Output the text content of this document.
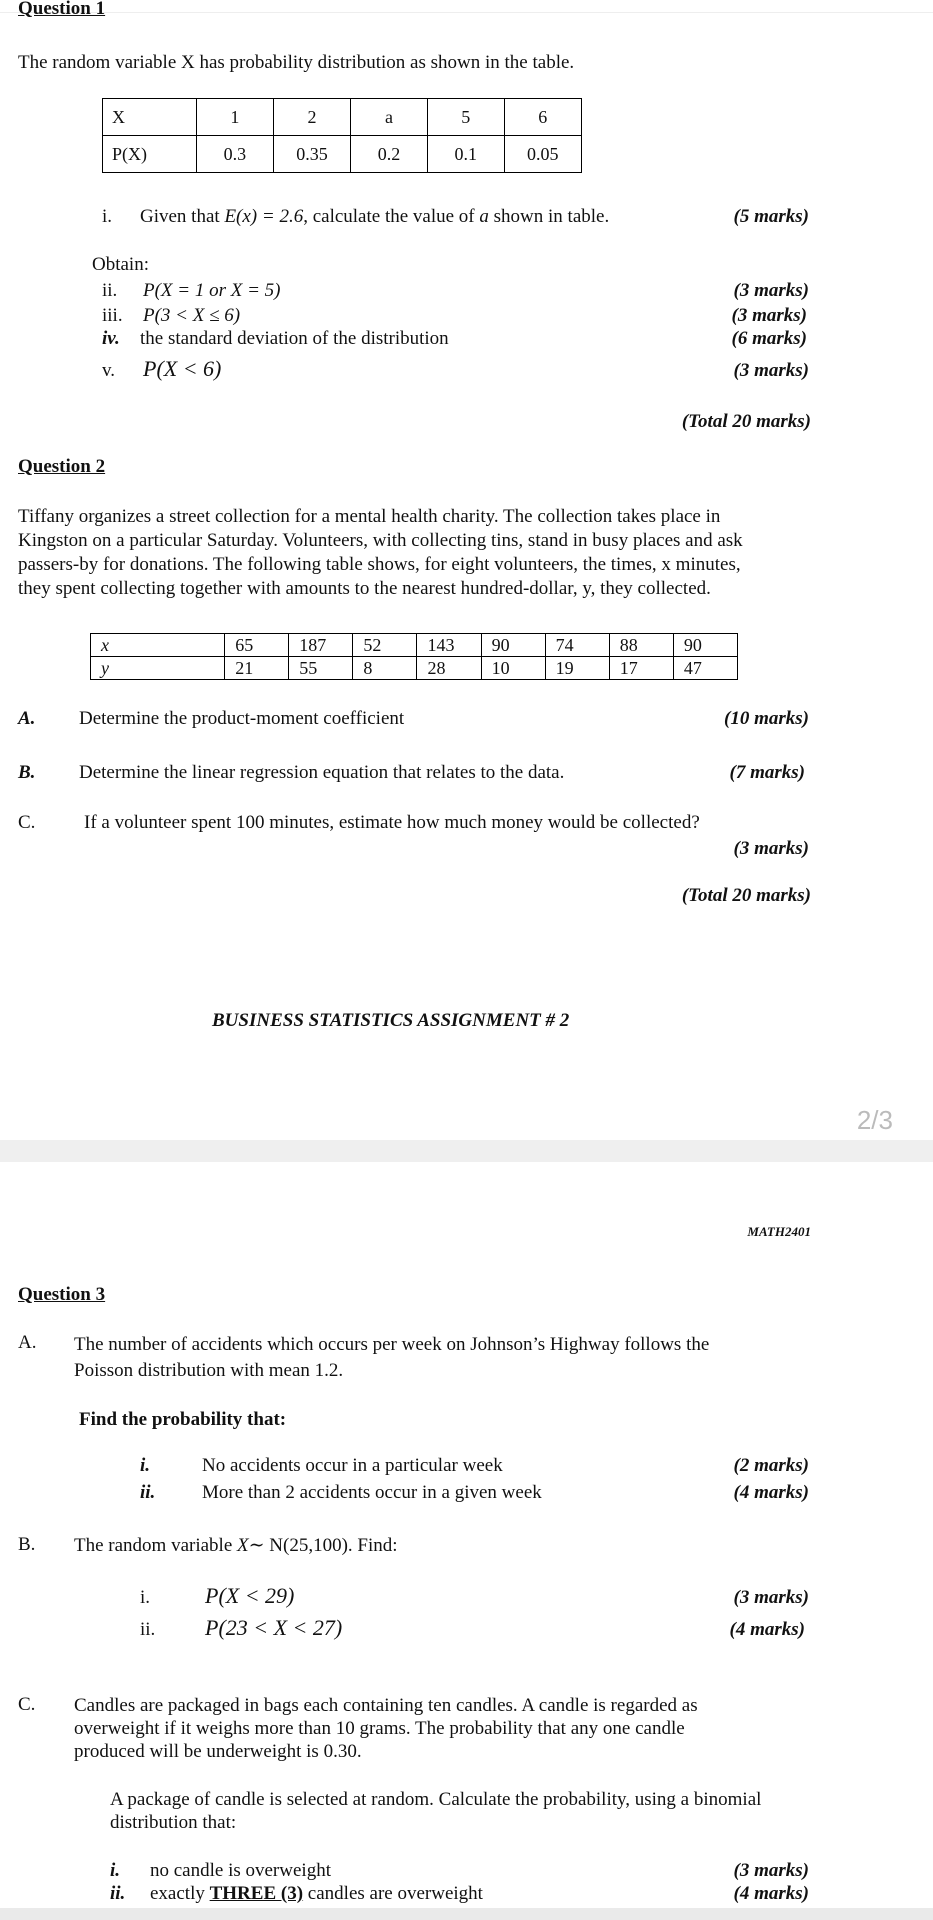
Question 1
The random variable X has probability distribution as shown in the table.
X	1	2	a	5	6
P(X)	0.3	0.35	0.2	0.1	0.05
i. Given that E(x) = 2.6, calculate the value of a shown in table.	(5 marks)
Obtain:
ii. P(X = 1 or X = 5)	(3 marks)
iii. P(3 < X ≤ 6)	(3 marks)
iv. the standard deviation of the distribution	(6 marks)
v. P(X < 6)	(3 marks)
(Total 20 marks)
Question 2
Tiffany organizes a street collection for a mental health charity. The collection takes place in
Kingston on a particular Saturday. Volunteers, with collecting tins, stand in busy places and ask
passers-by for donations. The following table shows, for eight volunteers, the times, x minutes,
they spent collecting together with amounts to the nearest hundred-dollar, y, they collected.
x	65	187	52	143	90	74	88	90
y	21	55	8	28	10	19	17	47
A. Determine the product-moment coefficient	(10 marks)
B. Determine the linear regression equation that relates to the data.	(7 marks)
C.	If a volunteer spent 100 minutes, estimate how much money would be collected?
(3 marks)
(Total 20 marks)
BUSINESS STATISTICS ASSIGNMENT # 2
2/3
MATH2401
Question 3
A. The number of accidents which occurs per week on Johnson’s Highway follows the
Poisson distribution with mean 1.2.
Find the probability that:
i.	No accidents occur in a particular week	(2 marks)
ii. More than 2 accidents occur in a given week	(4 marks)
B. The random variable X∼ N(25,100). Find:
i. P(X < 29)	(3 marks)
ii. P(23 < X < 27)	(4 marks)
C. Candles are packaged in bags each containing ten candles. A candle is regarded as
overweight if it weighs more than 10 grams. The probability that any one candle
produced will be underweight is 0.30.
A package of candle is selected at random. Calculate the probability, using a binomial
distribution that:
i. no candle is overweight	(3 marks)
ii. exactly THREE (3) candles are overweight	(4 marks)
